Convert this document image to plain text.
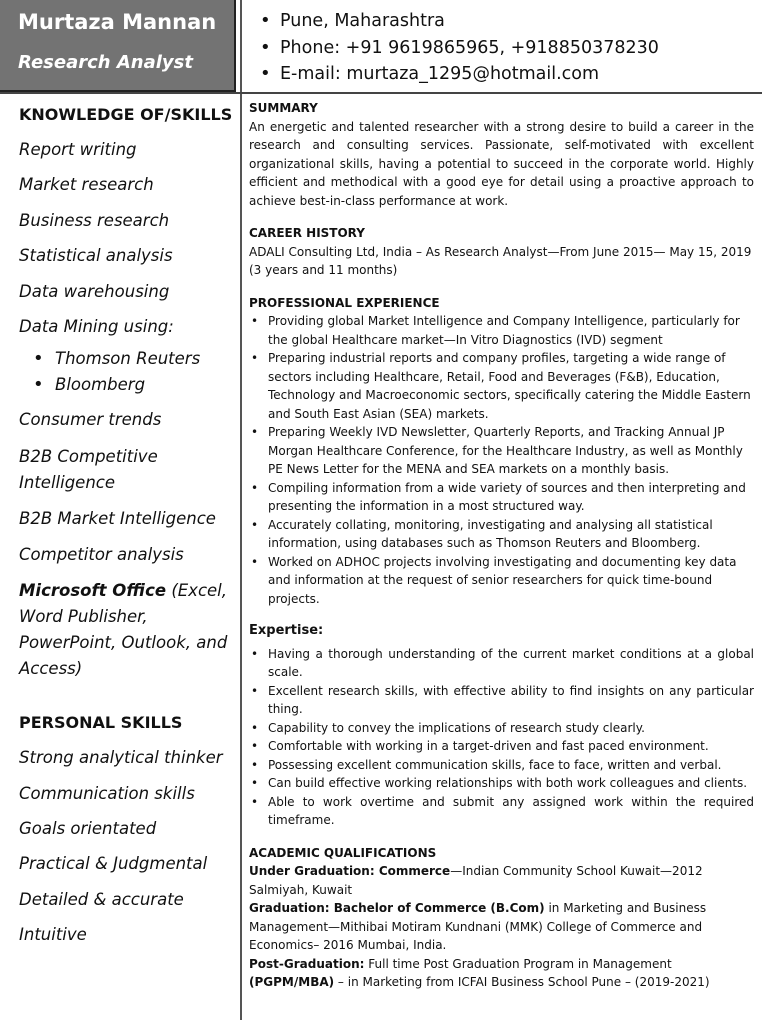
Murtaza Mannan
Research Analyst
• Pune, Maharashtra
• Phone: +91 9619865965, +918850378230
• E-mail: murtaza_1295@hotmail.com
KNOWLEDGE OF/SKILLS
Report writing
Market research
Business research
Statistical analysis
Data warehousing
Data Mining using:
• Thomson Reuters
• Bloomberg
Consumer trends
B2B Competitive Intelligence
B2B Market Intelligence
Competitor analysis
Microsoft Office (Excel, Word Publisher, PowerPoint, Outlook, and Access)
PERSONAL SKILLS
Strong analytical thinker
Communication skills
Goals orientated
Practical & Judgmental
Detailed & accurate
Intuitive

SUMMARY

An energetic and talented researcher with a strong desire to build a career in the research and consulting services. Passionate, self-motivated with excellent organizational skills, having a potential to succeed in the corporate world. Highly efficient and methodical with a good eye for detail using a proactive approach to achieve best-in-class performance at work.

CAREER HISTORY

ADALI Consulting Ltd, India – As Research Analyst—From June 2015— May 15, 2019 (3 years and 11 months)

PROFESSIONAL EXPERIENCE

• Providing global Market Intelligence and Company Intelligence, particularly for the global Healthcare market—In Vitro Diagnostics (IVD) segment
• Preparing industrial reports and company profiles, targeting a wide range of sectors including Healthcare, Retail, Food and Beverages (F&B), Education, Technology and Macroeconomic sectors, specifically catering the Middle Eastern and South East Asian (SEA) markets.
• Preparing Weekly IVD Newsletter, Quarterly Reports, and Tracking Annual JP Morgan Healthcare Conference, for the Healthcare Industry, as well as Monthly PE News Letter for the MENA and SEA markets on a monthly basis.
• Compiling information from a wide variety of sources and then interpreting and presenting the information in a most structured way.
• Accurately collating, monitoring, investigating and analysing all statistical information, using databases such as Thomson Reuters and Bloomberg.
• Worked on ADHOC projects involving investigating and documenting key data and information at the request of senior researchers for quick time-bound projects.

Expertise:

• Having a thorough understanding of the current market conditions at a global scale.
• Excellent research skills, with effective ability to find insights on any particular thing.
• Capability to convey the implications of research study clearly.
• Comfortable with working in a target-driven and fast paced environment.
• Possessing excellent communication skills, face to face, written and verbal.
• Can build effective working relationships with both work colleagues and clients.
• Able to work overtime and submit any assigned work within the required timeframe.

ACADEMIC QUALIFICATIONS

Under Graduation: Commerce—Indian Community School Kuwait—2012 Salmiyah, Kuwait

Graduation: Bachelor of Commerce (B.Com) in Marketing and Business Management—Mithibai Motiram Kundnani (MMK) College of Commerce and Economics– 2016 Mumbai, India.

Post-Graduation: Full time Post Graduation Program in Management (PGPM/MBA) – in Marketing from ICFAI Business School Pune – (2019-2021)
